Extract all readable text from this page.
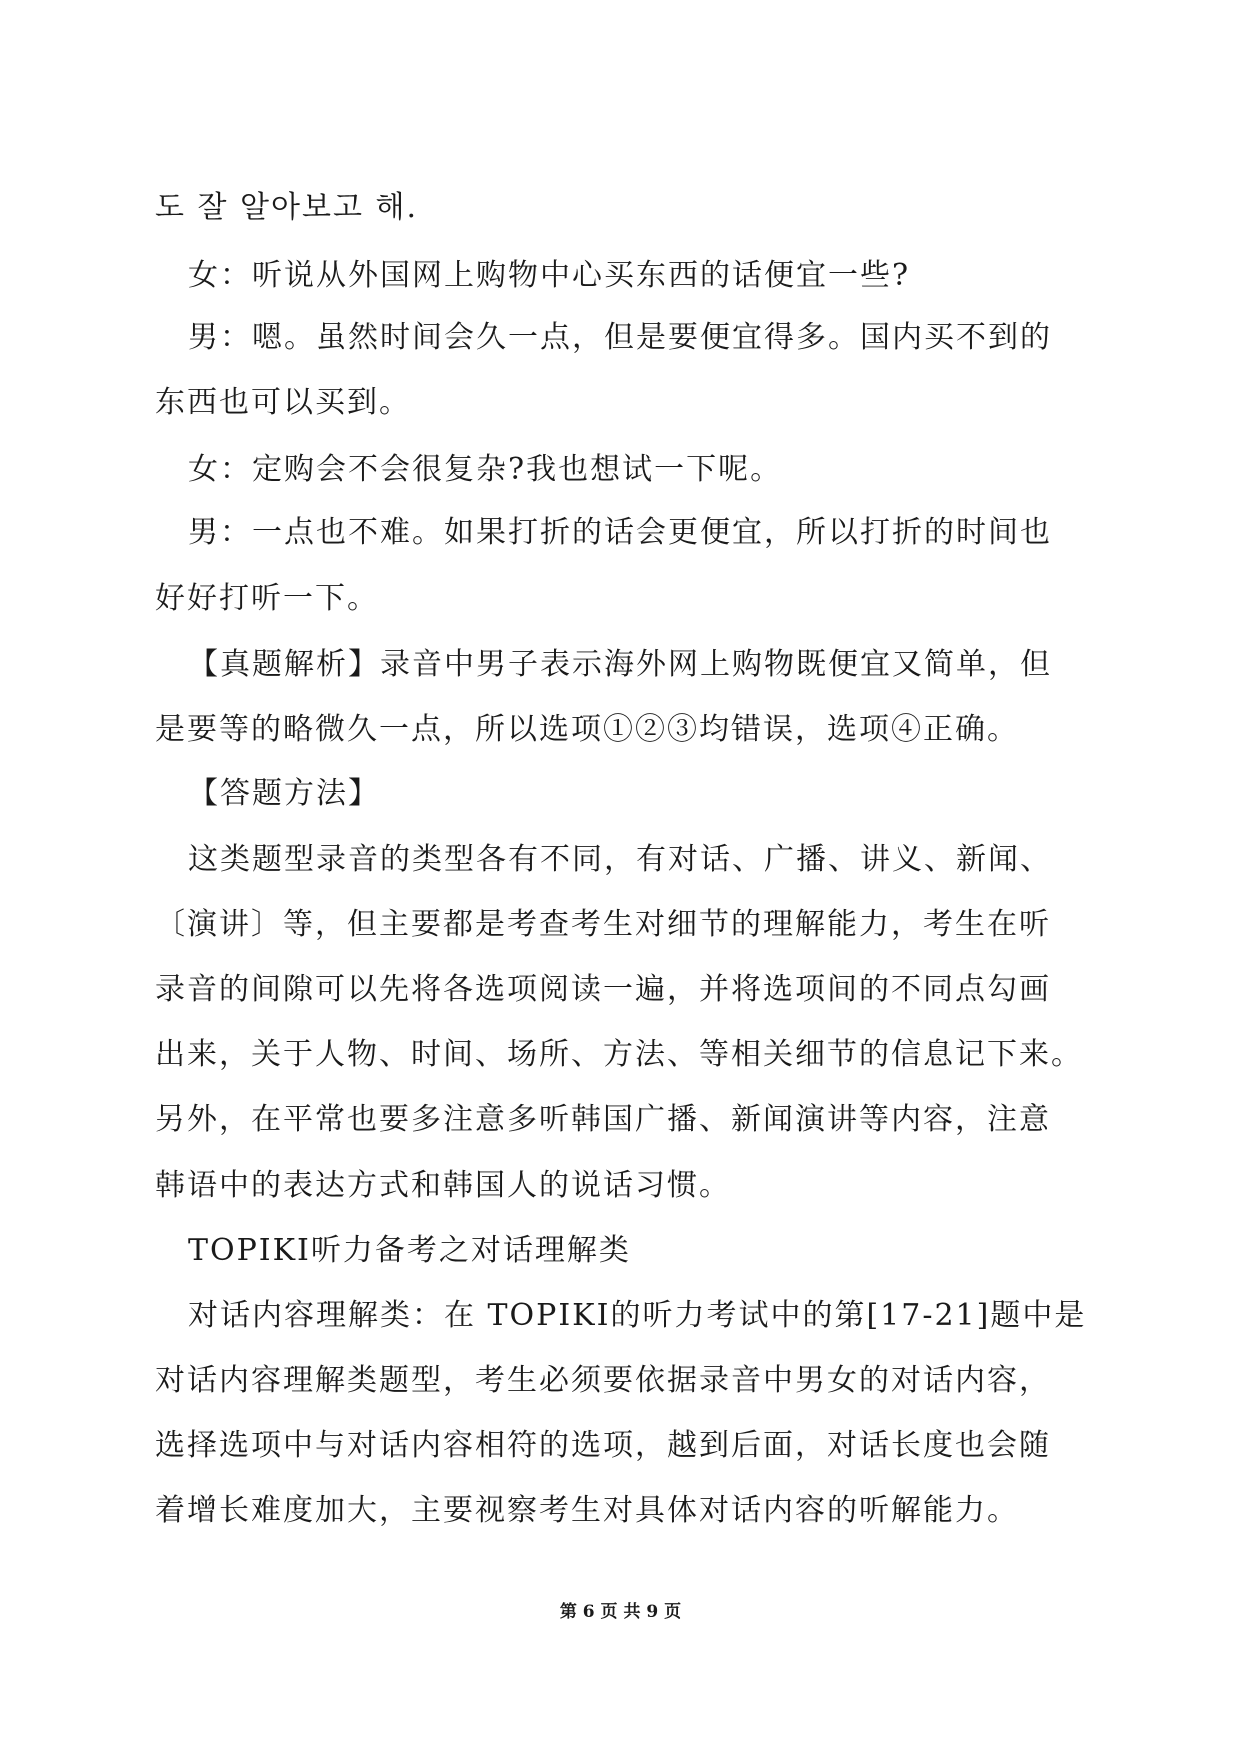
도 잘 알아보고 해.
女：听说从外国网上购物中心买东西的话便宜一些?
男：嗯。虽然时间会久一点，但是要便宜得多。国内买不到的
东西也可以买到。
女：定购会不会很复杂?我也想试一下呢。
男：一点也不难。如果打折的话会更便宜，所以打折的时间也
好好打听一下。
【真题解析】录音中男子表示海外网上购物既便宜又简单，但
是要等的略微久一点，所以选项①②③均错误，选项④正确。
【答题方法】
这类题型录音的类型各有不同，有对话、广播、讲义、新闻、
〔演讲〕等，但主要都是考查考生对细节的理解能力，考生在听
录音的间隙可以先将各选项阅读一遍，并将选项间的不同点勾画
出来，关于人物、时间、场所、方法、等相关细节的信息记下来。
另外，在平常也要多注意多听韩国广播、新闻演讲等内容，注意
韩语中的表达方式和韩国人的说话习惯。
TOPIKⅠ听力备考之对话理解类
对话内容理解类：在 TOPIKⅠ的听力考试中的第[17-21]题中是
对话内容理解类题型，考生必须要依据录音中男女的对话内容，
选择选项中与对话内容相符的选项，越到后面，对话长度也会随
着增长难度加大，主要视察考生对具体对话内容的听解能力。
第 6 页 共 9 页
